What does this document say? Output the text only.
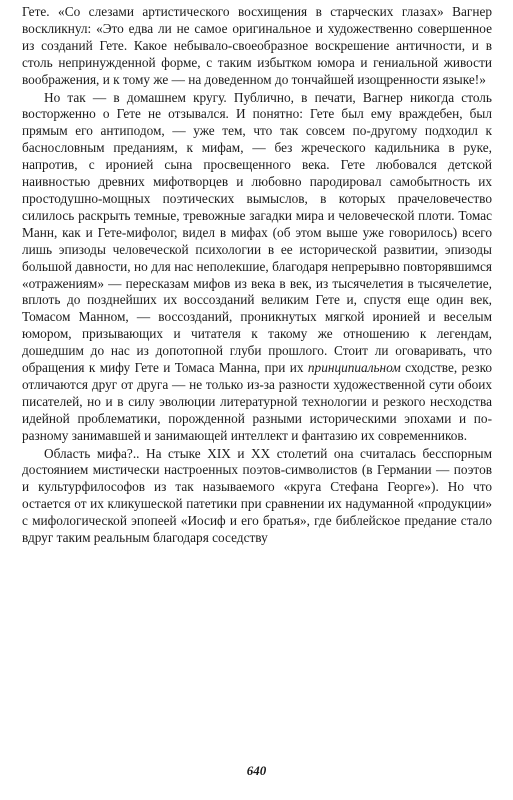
Гете. «Со слезами артистического восхищения в старческих глазах» Вагнер воскликнул: «Это едва ли не самое оригинальное и художественно совершенное из созданий Гете. Какое небывало-своеобразное воскрешение античности, и в столь непринужденной форме, с таким избытком юмора и гениальной живости воображения, и к тому же — на доведенном до тончайшей изощренности языке!»

Но так — в домашнем кругу. Публично, в печати, Вагнер никогда столь восторженно о Гете не отзывался. И понятно: Гете был ему враждебен, был прямым его антиподом, — уже тем, что так совсем по-другому подходил к баснословным преданиям, к мифам, — без жреческого кадильника в руке, напротив, с иронией сына просвещенного века. Гете любовался детской наивностью древних мифотворцев и любовно пародировал самобытность их простодушно-мощных поэтических вымыслов, в которых прачеловечество силилось раскрыть темные, тревожные загадки мира и человеческой плоти. Томас Манн, как и Гете-мифолог, видел в мифах (об этом выше уже говорилось) всего лишь эпизоды человеческой психологии в ее исторической развитии, эпизоды большой давности, но для нас неполекшие, благодаря непрерывно повторявшимся «отражениям» — пересказам мифов из века в век, из тысячелетия в тысячелетие, вплоть до позднейших их воссозданий великим Гете и, спустя еще один век, Томасом Манном, — воссозданий, проникнутых мягкой иронией и веселым юмором, призывающих и читателя к такому же отношению к легендам, дошедшим до нас из допотопной глуби прошлого. Стоит ли оговаривать, что обращения к мифу Гете и Томаса Манна, при их принципиальном сходстве, резко отличаются друг от друга — не только из-за разности художественной сути обоих писателей, но и в силу эволюции литературной технологии и резкого несходства идейной проблематики, порожденной разными историческими эпохами и по-разному занимавшей и занимающей интеллект и фантазию их современников.

Область мифа?.. На стыке XIX и XX столетий она считалась бесспорным достоянием мистически настроенных поэтов-символистов (в Германии — поэтов и культурфилософов из так называемого «круга Стефана Георге»). Но что остается от их кликушеской патетики при сравнении их надуманной «продукции» с мифологической эпопеей «Иосиф и его братья», где библейское предание стало вдруг таким реальным благодаря соседству

640
